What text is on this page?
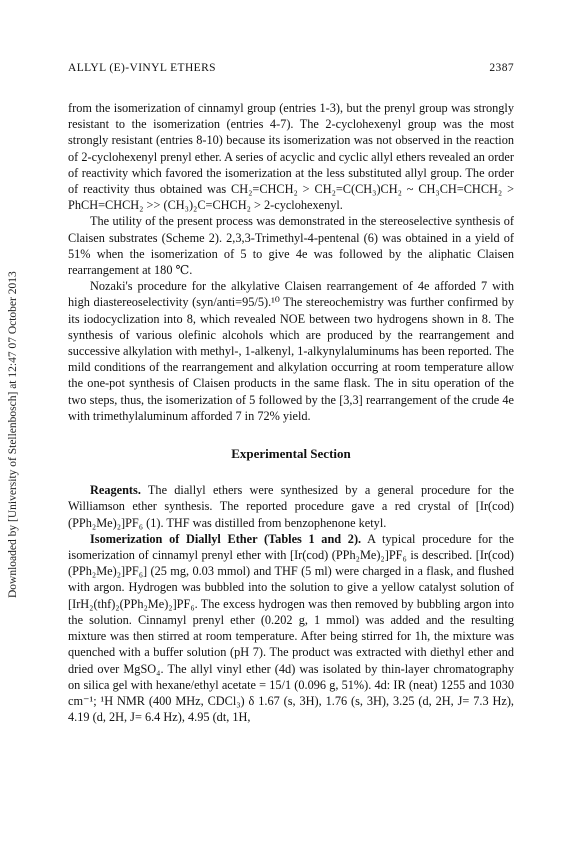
Downloaded by [University of Stellenbosch] at 12:47 07 October 2013
ALLYL (E)-VINYL ETHERS	2387

from the isomerization of cinnamyl group (entries 1-3), but the prenyl group was strongly resistant to the isomerization (entries 4-7). The 2-cyclohexenyl group was the most strongly resistant (entries 8-10) because its isomerization was not observed in the reaction of 2-cyclohexenyl prenyl ether. A series of acyclic and cyclic allyl ethers revealed an order of reactivity which favored the isomerization at the less substituted allyl group. The order of reactivity thus obtained was CH₂=CHCH₂ > CH₂=C(CH₃)CH₂ ~ CH₃CH=CHCH₂ > PhCH=CHCH₂ >> (CH₃)₂C=CHCH₂ > 2-cyclohexenyl.

The utility of the present process was demonstrated in the stereoselective synthesis of Claisen substrates (Scheme 2). 2,3,3-Trimethyl-4-pentenal (6) was obtained in a yield of 51% when the isomerization of 5 to give 4e was followed by the aliphatic Claisen rearrangement at 180 ℃.

Nozaki's procedure for the alkylative Claisen rearrangement of 4e afforded 7 with high diastereoselectivity (syn/anti=95/5).¹⁰ The stereochemistry was further confirmed by its iodocyclization into 8, which revealed NOE between two hydrogens shown in 8. The synthesis of various olefinic alcohols which are produced by the rearrangement and successive alkylation with methyl-, 1-alkenyl, 1-alkynylaluminums has been reported. The mild conditions of the rearrangement and alkylation occurring at room temperature allow the one-pot synthesis of Claisen products in the same flask. The in situ operation of the two steps, thus, the isomerization of 5 followed by the [3,3] rearrangement of the crude 4e with trimethylaluminum afforded 7 in 72% yield.

Experimental Section

Reagents. The diallyl ethers were synthesized by a general procedure for the Williamson ether synthesis. The reported procedure gave a red crystal of [Ir(cod)(PPh₂Me)₂]PF₆ (1). THF was distilled from benzophenone ketyl.

Isomerization of Diallyl Ether (Tables 1 and 2). A typical procedure for the isomerization of cinnamyl prenyl ether with [Ir(cod) (PPh₂Me)₂]PF₆ is described. [Ir(cod) (PPh₂Me)₂]PF₆] (25 mg, 0.03 mmol) and THF (5 ml) were charged in a flask, and flushed with argon. Hydrogen was bubbled into the solution to give a yellow catalyst solution of [IrH₂(thf)₂(PPh₂Me)₂]PF₆. The excess hydrogen was then removed by bubbling argon into the solution. Cinnamyl prenyl ether (0.202 g, 1 mmol) was added and the resulting mixture was then stirred at room temperature. After being stirred for 1h, the mixture was quenched with a buffer solution (pH 7). The product was extracted with diethyl ether and dried over MgSO₄. The allyl vinyl ether (4d) was isolated by thin-layer chromatography on silica gel with hexane/ethyl acetate = 15/1 (0.096 g, 51%). 4d: IR (neat) 1255 and 1030 cm⁻¹; ¹H NMR (400 MHz, CDCl₃) δ 1.67 (s, 3H), 1.76 (s, 3H), 3.25 (d, 2H, J= 7.3 Hz), 4.19 (d, 2H, J= 6.4 Hz), 4.95 (dt, 1H,
